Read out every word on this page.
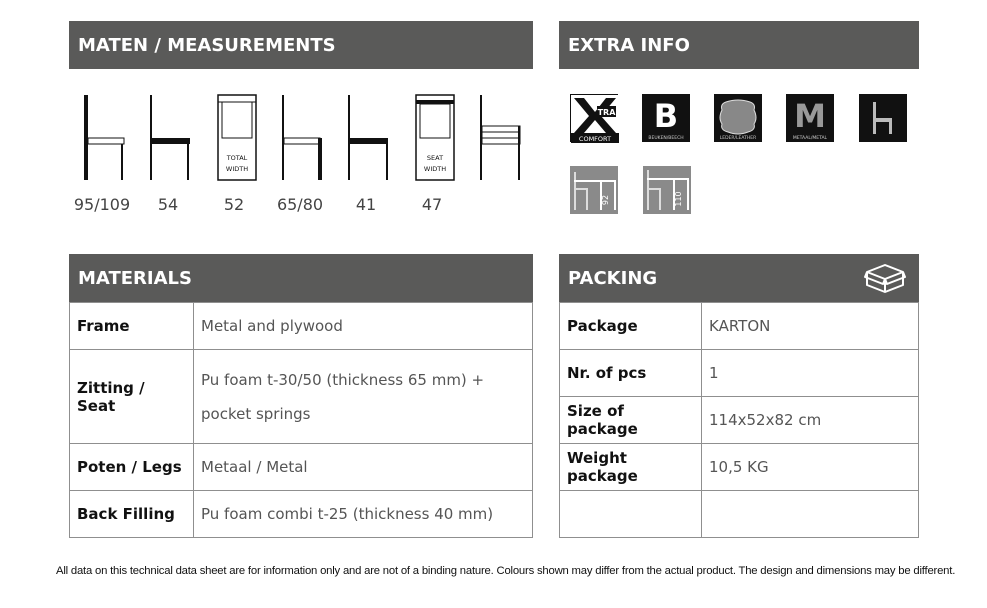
MATEN / MEASUREMENTS
TOTAL
WIDTH
SEAT
WIDTH
95/109	54	52	65/80	41	47
EXTRA INFO
TRA
COMFORT
B
BEUKEN/BEECH	LEDER/LEATHER
M
METAAL/METAL
92	110
MATERIALS
Frame	Metal and plywood
Zitting / Seat	Pu foam t-30/50 (thickness 65 mm) + pocket springs
Poten / Legs	Metaal / Metal
Back Filling	Pu foam combi t-25 (thickness 40 mm)
PACKING
Package	KARTON
Nr. of pcs	1
Size of package	114x52x82 cm
Weight package	10,5 KG

All data on this technical data sheet are for information only and are not of a binding nature. Colours shown may differ from the actual product. The design and dimensions may be different.
